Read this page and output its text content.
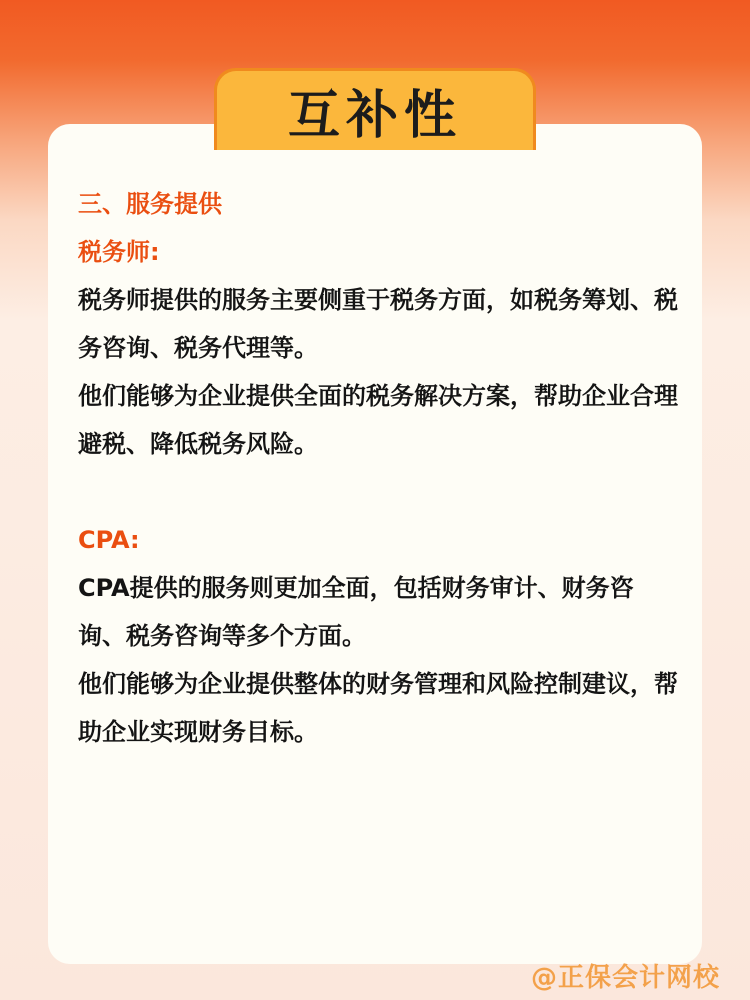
互补性

三、服务提供

税务师:

税务师提供的服务主要侧重于税务方面，如税务筹划、税务咨询、税务代理等。

他们能够为企业提供全面的税务解决方案，帮助企业合理避税、降低税务风险。

CPA:

CPA提供的服务则更加全面，包括财务审计、财务咨询、税务咨询等多个方面。

他们能够为企业提供整体的财务管理和风险控制建议，帮助企业实现财务目标。

@正保会计网校
